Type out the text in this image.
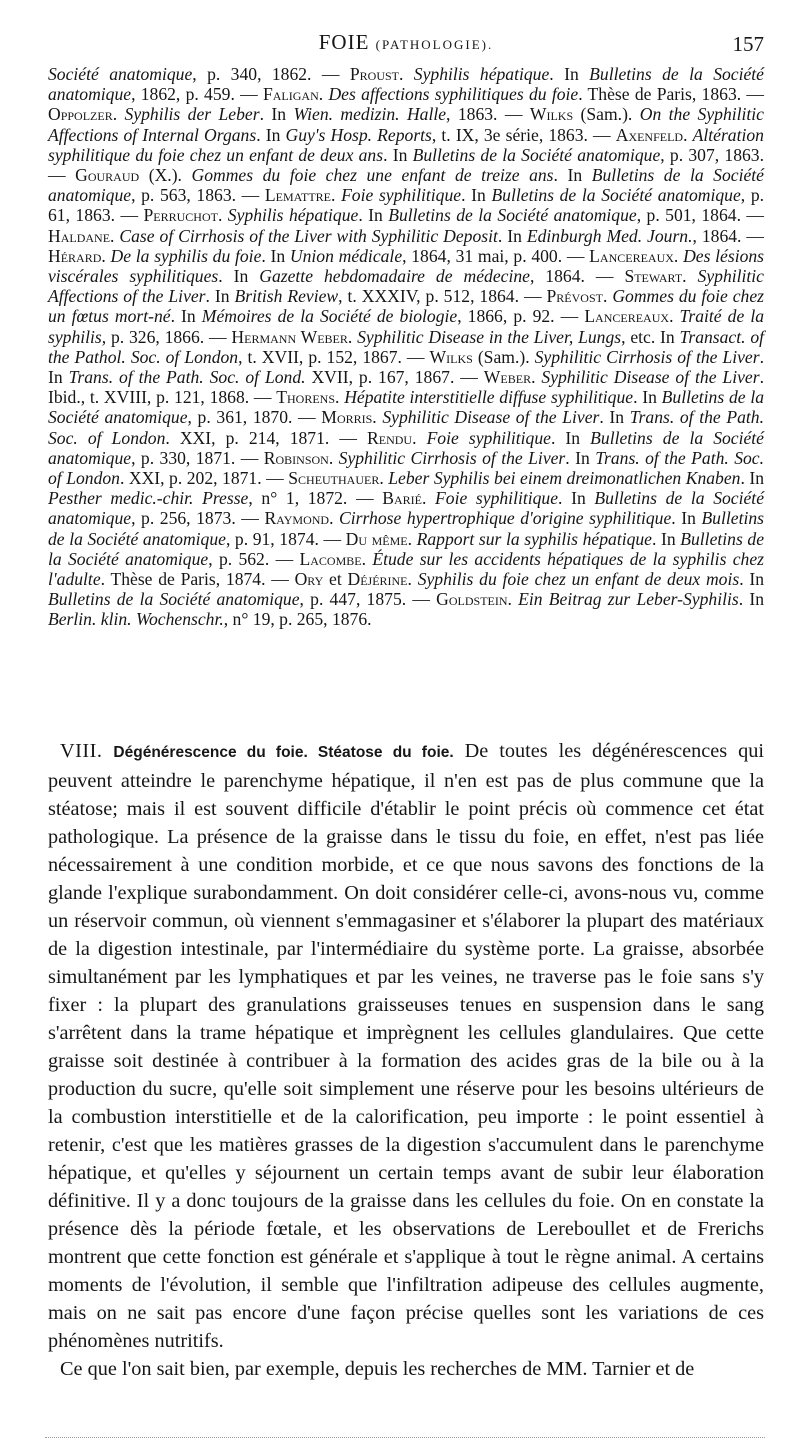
FOIE (PATHOLOGIE).	157

Société anatomique, p. 340, 1862. — Proust. Syphilis hépatique. In Bulletins de la Société anatomique, 1862, p. 459. — Faligan. Des affections syphilitiques du foie. Thèse de Paris, 1863. — Oppolzer. Syphilis der Leber. In Wien. medizin. Halle, 1863. — Wilks (Sam.). On the Syphilitic Affections of Internal Organs. In Guy's Hosp. Reports, t. IX, 3e série, 1863. — Axenfeld. Altération syphilitique du foie chez un enfant de deux ans. In Bulletins de la Société anatomique, p. 307, 1863. — Gouraud (X.). Gommes du foie chez une enfant de treize ans. In Bulletins de la Société anatomique, p. 563, 1863. — Lemattre. Foie syphilitique. In Bulletins de la Société anatomique, p. 61, 1863. — Perruchot. Syphilis hépatique. In Bulletins de la Société anatomique, p. 501, 1864. — Haldane. Case of Cirrhosis of the Liver with Syphilitic Deposit. In Edinburgh Med. Journ., 1864. — Hérard. De la syphilis du foie. In Union médicale, 1864, 31 mai, p. 400. — Lancereaux. Des lésions viscérales syphilitiques. In Gazette hebdomadaire de médecine, 1864. — Stewart. Syphilitic Affections of the Liver. In British Review, t. XXXIV, p. 512, 1864. — Prévost. Gommes du foie chez un fœtus mort-né. In Mémoires de la Société de biologie, 1866, p. 92. — Lancereaux. Traité de la syphilis, p. 326, 1866. — Hermann Weber. Syphilitic Disease in the Liver, Lungs, etc. In Transact. of the Pathol. Soc. of London, t. XVII, p. 152, 1867. — Wilks (Sam.). Syphilitic Cirrhosis of the Liver. In Trans. of the Path. Soc. of Lond. XVII, p. 167, 1867. — Weber. Syphilitic Disease of the Liver. Ibid., t. XVIII, p. 121, 1868. — Thorens. Hépatite interstitielle diffuse syphilitique. In Bulletins de la Société anatomique, p. 361, 1870. — Morris. Syphilitic Disease of the Liver. In Trans. of the Path. Soc. of London. XXI, p. 214, 1871. — Rendu. Foie syphilitique. In Bulletins de la Société anatomique, p. 330, 1871. — Robinson. Syphilitic Cirrhosis of the Liver. In Trans. of the Path. Soc. of London. XXI, p. 202, 1871. — Scheuthauer. Leber Syphilis bei einem dreimonatlichen Knaben. In Pesther medic.-chir. Presse, n° 1, 1872. — Barié. Foie syphilitique. In Bulletins de la Société anatomique, p. 256, 1873. — Raymond. Cirrhose hypertrophique d'origine syphilitique. In Bulletins de la Société anatomique, p. 91, 1874. — Du même. Rapport sur la syphilis hépatique. In Bulletins de la Société anatomique, p. 562. — Lacombe. Étude sur les accidents hépatiques de la syphilis chez l'adulte. Thèse de Paris, 1874. — Ory et Déjérine. Syphilis du foie chez un enfant de deux mois. In Bulletins de la Société anatomique, p. 447, 1875. — Goldstein. Ein Beitrag zur Leber-Syphilis. In Berlin. klin. Wochenschr., n° 19, p. 265, 1876.

VIII. Dégénérescence du foie. Stéatose du foie. De toutes les dégénérescences qui peuvent atteindre le parenchyme hépatique, il n'en est pas de plus commune que la stéatose; mais il est souvent difficile d'établir le point précis où commence cet état pathologique. La présence de la graisse dans le tissu du foie, en effet, n'est pas liée nécessairement à une condition morbide, et ce que nous savons des fonctions de la glande l'explique surabondamment. On doit considérer celle-ci, avons-nous vu, comme un réservoir commun, où viennent s'emmagasiner et s'élaborer la plupart des matériaux de la digestion intestinale, par l'intermédiaire du système porte. La graisse, absorbée simultanément par les lymphatiques et par les veines, ne traverse pas le foie sans s'y fixer : la plupart des granulations graisseuses tenues en suspension dans le sang s'arrêtent dans la trame hépatique et imprègnent les cellules glandulaires. Que cette graisse soit destinée à contribuer à la formation des acides gras de la bile ou à la production du sucre, qu'elle soit simplement une réserve pour les besoins ultérieurs de la combustion interstitielle et de la calorification, peu importe : le point essentiel à retenir, c'est que les matières grasses de la digestion s'accumulent dans le parenchyme hépatique, et qu'elles y séjournent un certain temps avant de subir leur élaboration définitive. Il y a donc toujours de la graisse dans les cellules du foie. On en constate la présence dès la période fœtale, et les observations de Lereboullet et de Frerichs montrent que cette fonction est générale et s'applique à tout le règne animal. A certains moments de l'évolution, il semble que l'infiltration adipeuse des cellules augmente, mais on ne sait pas encore d'une façon précise quelles sont les variations de ces phénomènes nutritifs.

Ce que l'on sait bien, par exemple, depuis les recherches de MM. Tarnier et de
